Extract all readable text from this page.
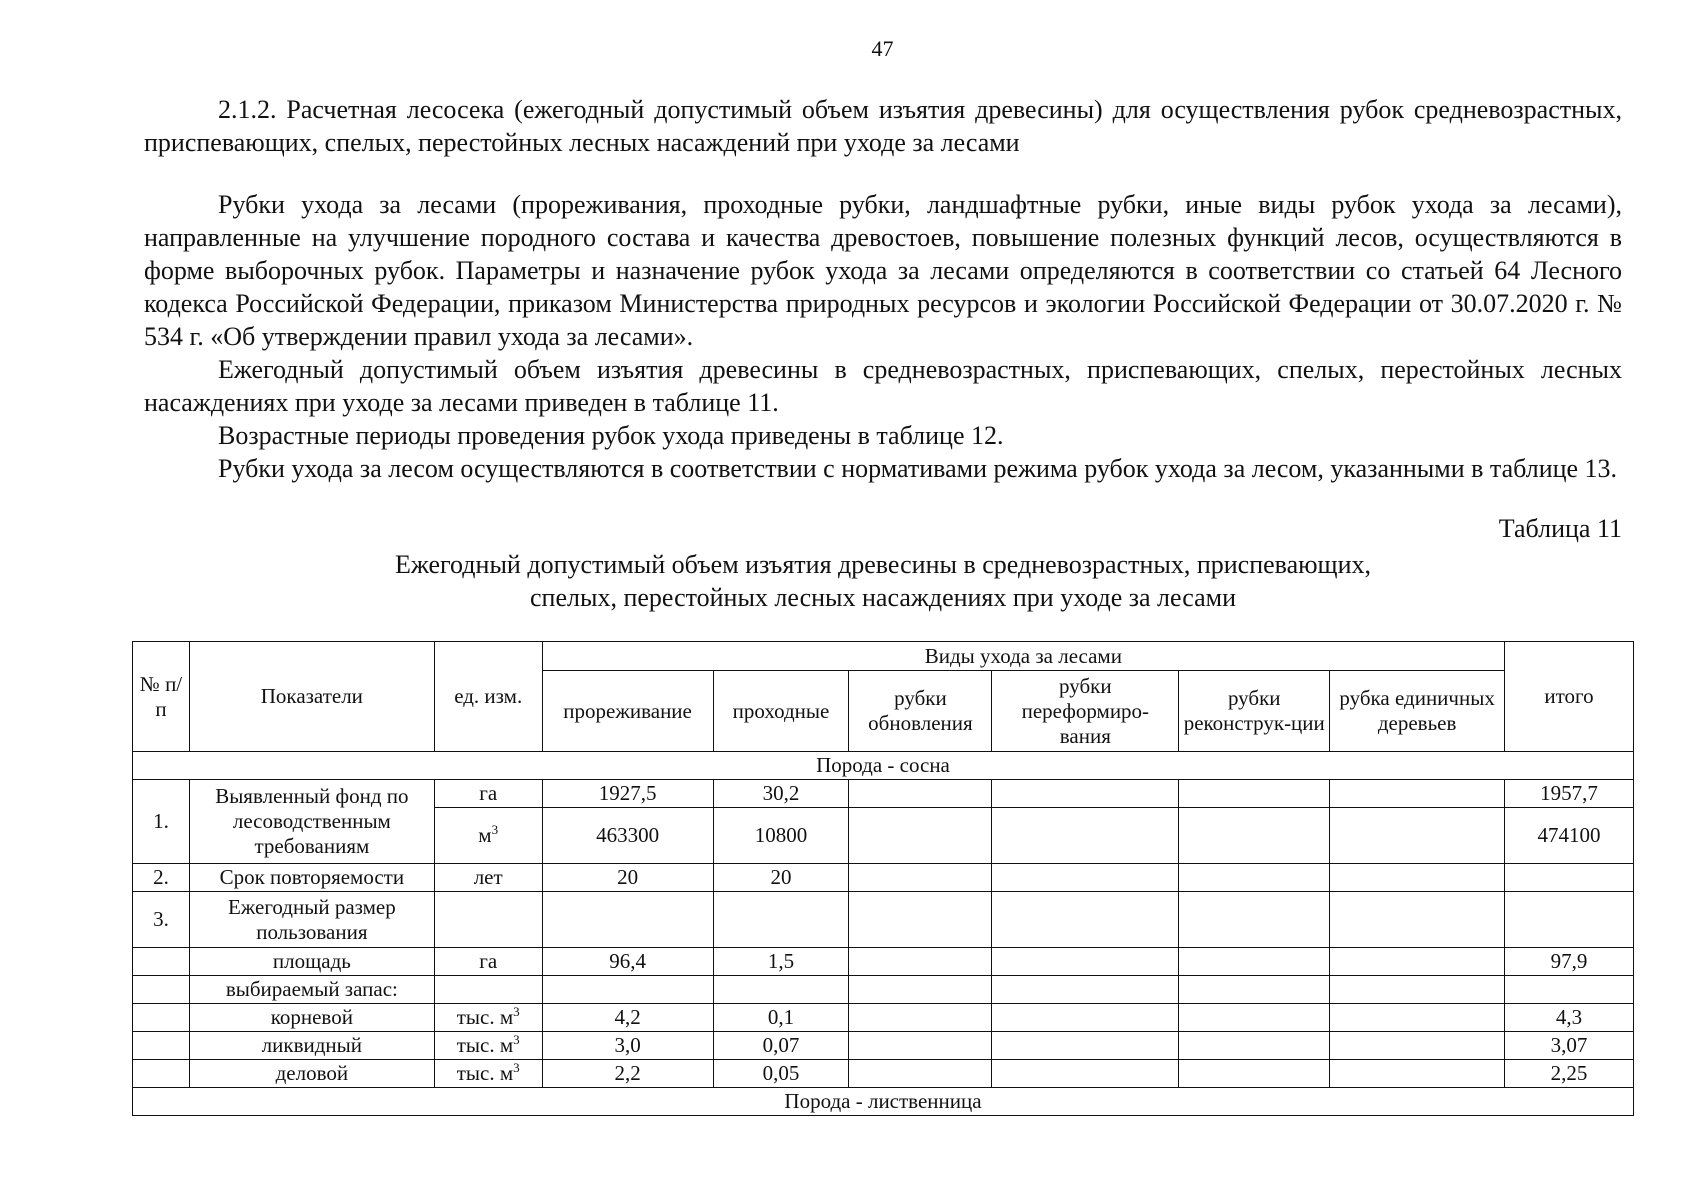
47

2.1.2. Расчетная лесосека (ежегодный допустимый объем изъятия древесины) для осуществления рубок средневозрастных, приспевающих, спелых, перестойных лесных насаждений при уходе за лесами

Рубки ухода за лесами (прореживания, проходные рубки, ландшафтные рубки, иные виды рубок ухода за лесами), направленные на улучшение породного состава и качества древостоев, повышение полезных функций лесов, осуществляются в форме выборочных рубок. Параметры и назначение рубок ухода за лесами определяются в соответствии со статьей 64 Лесного кодекса Российской Федерации, приказом Министерства природных ресурсов и экологии Российской Федерации от 30.07.2020 г. № 534 г. «Об утверждении правил ухода за лесами».

Ежегодный допустимый объем изъятия древесины в средневозрастных, приспевающих, спелых, перестойных лесных насаждениях при уходе за лесами приведен в таблице 11.

Возрастные периоды проведения рубок ухода приведены в таблице 12.

Рубки ухода за лесом осуществляются в соответствии с нормативами режима рубок ухода за лесом, указанными в таблице 13.

Таблица 11
Ежегодный допустимый объем изъятия древесины в средневозрастных, приспевающих,
спелых, перестойных лесных насаждениях при уходе за лесами
№ п/п	Показатели	ед. изм.	Виды ухода за лесами						итого
			прореживание	проходные	рубки обновления	рубки переформиро-вания	рубки реконструк-ции	рубка единичных деревьев	
Порода - сосна									
1.	Выявленный фонд по лесоводственным требованиям	га	1927,5	30,2					1957,7
		$м^3$	463300	10800					474100
2.	Срок повторяемости	лет	20	20					
3.	Ежегодный размер пользования								
	площадь	га	96,4	1,5					97,9
	выбираемый запас:								
	корневой	тыс. $м^3$	4,2	0,1					4,3
	ликвидный	тыс. $м^3$	3,0	0,07					3,07
	деловой	тыс. $м^3$	2,2	0,05					2,25
Порода - лиственница									
